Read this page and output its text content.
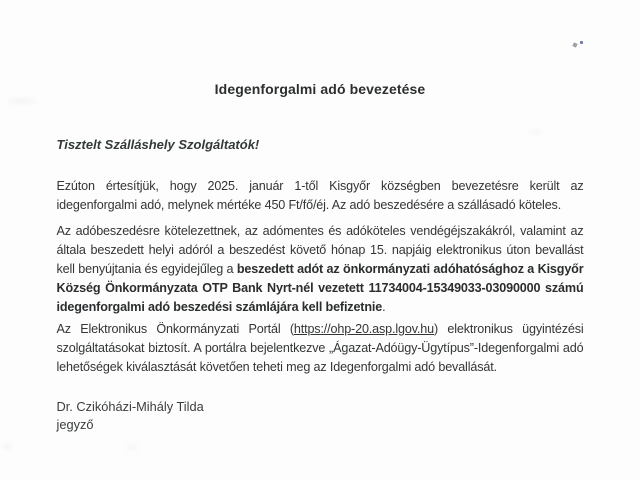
Idegenforgalmi adó bevezetése

Tisztelt Szálláshely Szolgáltatók!

Ezúton értesítjük, hogy 2025. január 1-től Kisgyőr községben bevezetésre került az idegenforgalmi adó, melynek mértéke 450 Ft/fő/éj. Az adó beszedésére a szállásadó köteles.

Az adóbeszedésre kötelezettnek, az adómentes és adóköteles vendégéjszakákról, valamint az általa beszedett helyi adóról a beszedést követő hónap 15. napjáig elektronikus úton bevallást kell benyújtania és egyidejűleg a beszedett adót az önkormányzati adóhatósághoz a Kisgyőr Község Önkormányzata OTP Bank Nyrt-nél vezetett 11734004-15349033-03090000 számú idegenforgalmi adó beszedési számlájára kell befizetnie.

Az Elektronikus Önkormányzati Portál (https://ohp-20.asp.lgov.hu) elektronikus ügyintézési szolgáltatásokat biztosít. A portálra bejelentkezve „Ágazat-Adóügy-Ügytípus”-Idegenforgalmi adó lehetőségek kiválasztását követően teheti meg az Idegenforgalmi adó bevallását.

Dr. Czikóházi-Mihály Tilda

jegyző
